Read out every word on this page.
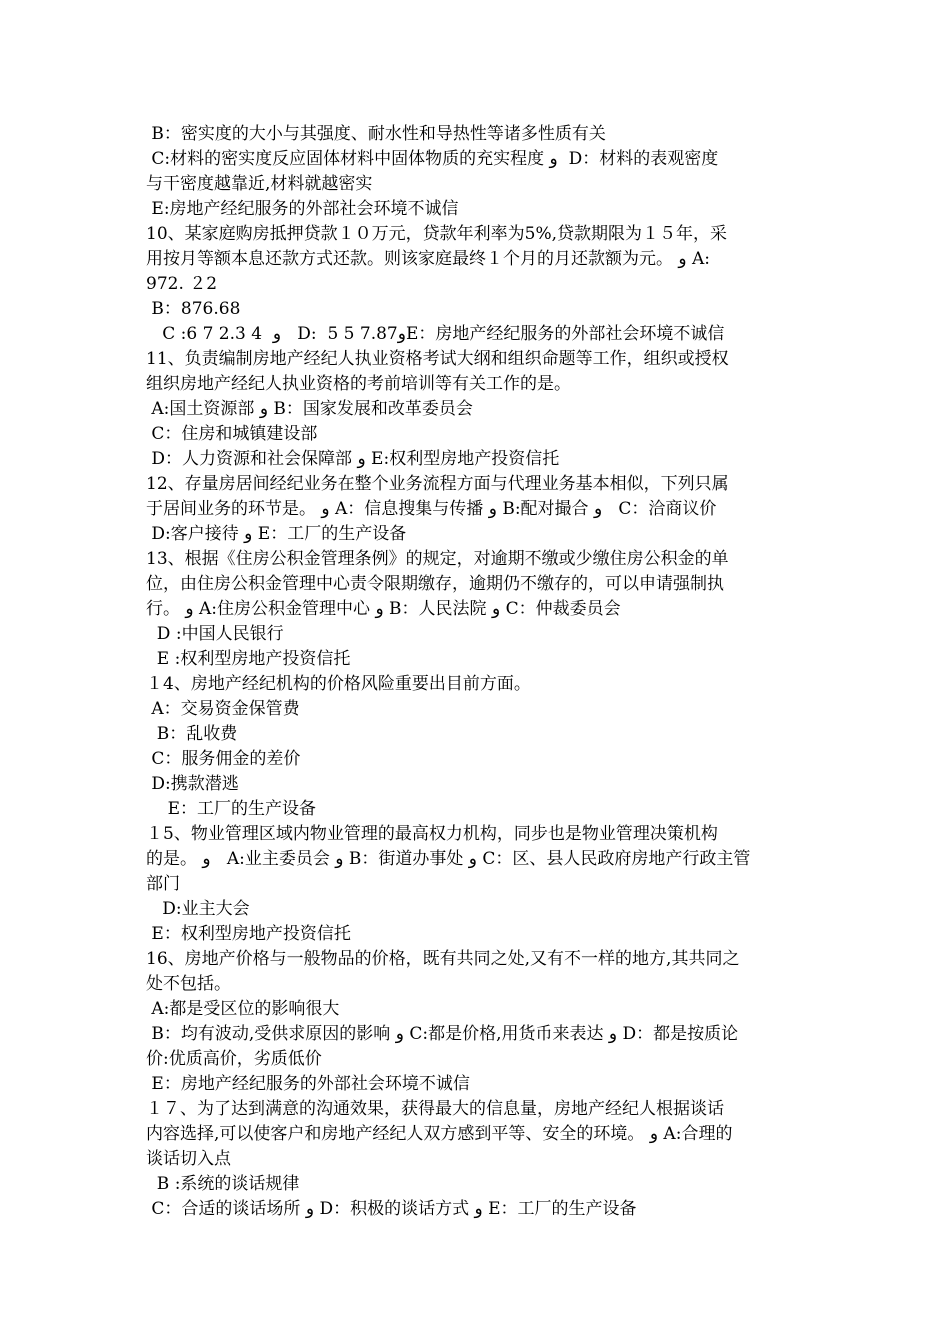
B：密实度的大小与其强度、耐水性和导热性等诸多性质有关
C:材料的密实度反应固体材料中固体物质的充实程度 و  D：材料的表观密度
与干密度越靠近,材料就越密实
E:房地产经纪服务的外部社会环境不诚信
10、某家庭购房抵押贷款１０万元，贷款年利率为5%,贷款期限为１５年，采
用按月等额本息还款方式还款。则该家庭最终１个月的月还款额为元。 و A:
972. ２2
B：876.68
C :6 7 2.3 4  و   D:  5 5 7.87وE：房地产经纪服务的外部社会环境不诚信
11、负责编制房地产经纪人执业资格考试大纲和组织命题等工作，组织或授权
组织房地产经纪人执业资格的考前培训等有关工作的是。
A:国土资源部 و B：国家发展和改革委员会
C：住房和城镇建设部
D：人力资源和社会保障部 و E:权利型房地产投资信托
12、存量房居间经纪业务在整个业务流程方面与代理业务基本相似，下列只属
于居间业务的环节是。 و A：信息搜集与传播 و B:配对撮合 و   C：洽商议价
D:客户接待 و E：工厂的生产设备
13、根据《住房公积金管理条例》的规定，对逾期不缴或少缴住房公积金的单
位，由住房公积金管理中心责令限期缴存，逾期仍不缴存的，可以申请强制执
行。 و A:住房公积金管理中心 و B：人民法院 و C：仲裁委员会
D :中国人民银行
E :权利型房地产投资信托
１4、房地产经纪机构的价格风险重要出目前方面。
A：交易资金保管费
B：乱收费
C：服务佣金的差价
D:携款潜逃
E：工厂的生产设备
１5、物业管理区域内物业管理的最高权力机构，同步也是物业管理决策机构
的是。 و   A:业主委员会 و B：街道办事处 و C：区、县人民政府房地产行政主管
部门
D:业主大会
E：权利型房地产投资信托
16、房地产价格与一般物品的价格，既有共同之处,又有不一样的地方,其共同之
处不包括。
A:都是受区位的影响很大
B：均有波动,受供求原因的影响 و C:都是价格,用货币来表达 و D：都是按质论
价:优质高价，劣质低价
E：房地产经纪服务的外部社会环境不诚信
１７、为了达到满意的沟通效果，获得最大的信息量，房地产经纪人根据谈话
内容选择,可以使客户和房地产经纪人双方感到平等、安全的环境。 و A:合理的
谈话切入点
B :系统的谈话规律
C：合适的谈话场所 و D：积极的谈话方式 و E：工厂的生产设备
